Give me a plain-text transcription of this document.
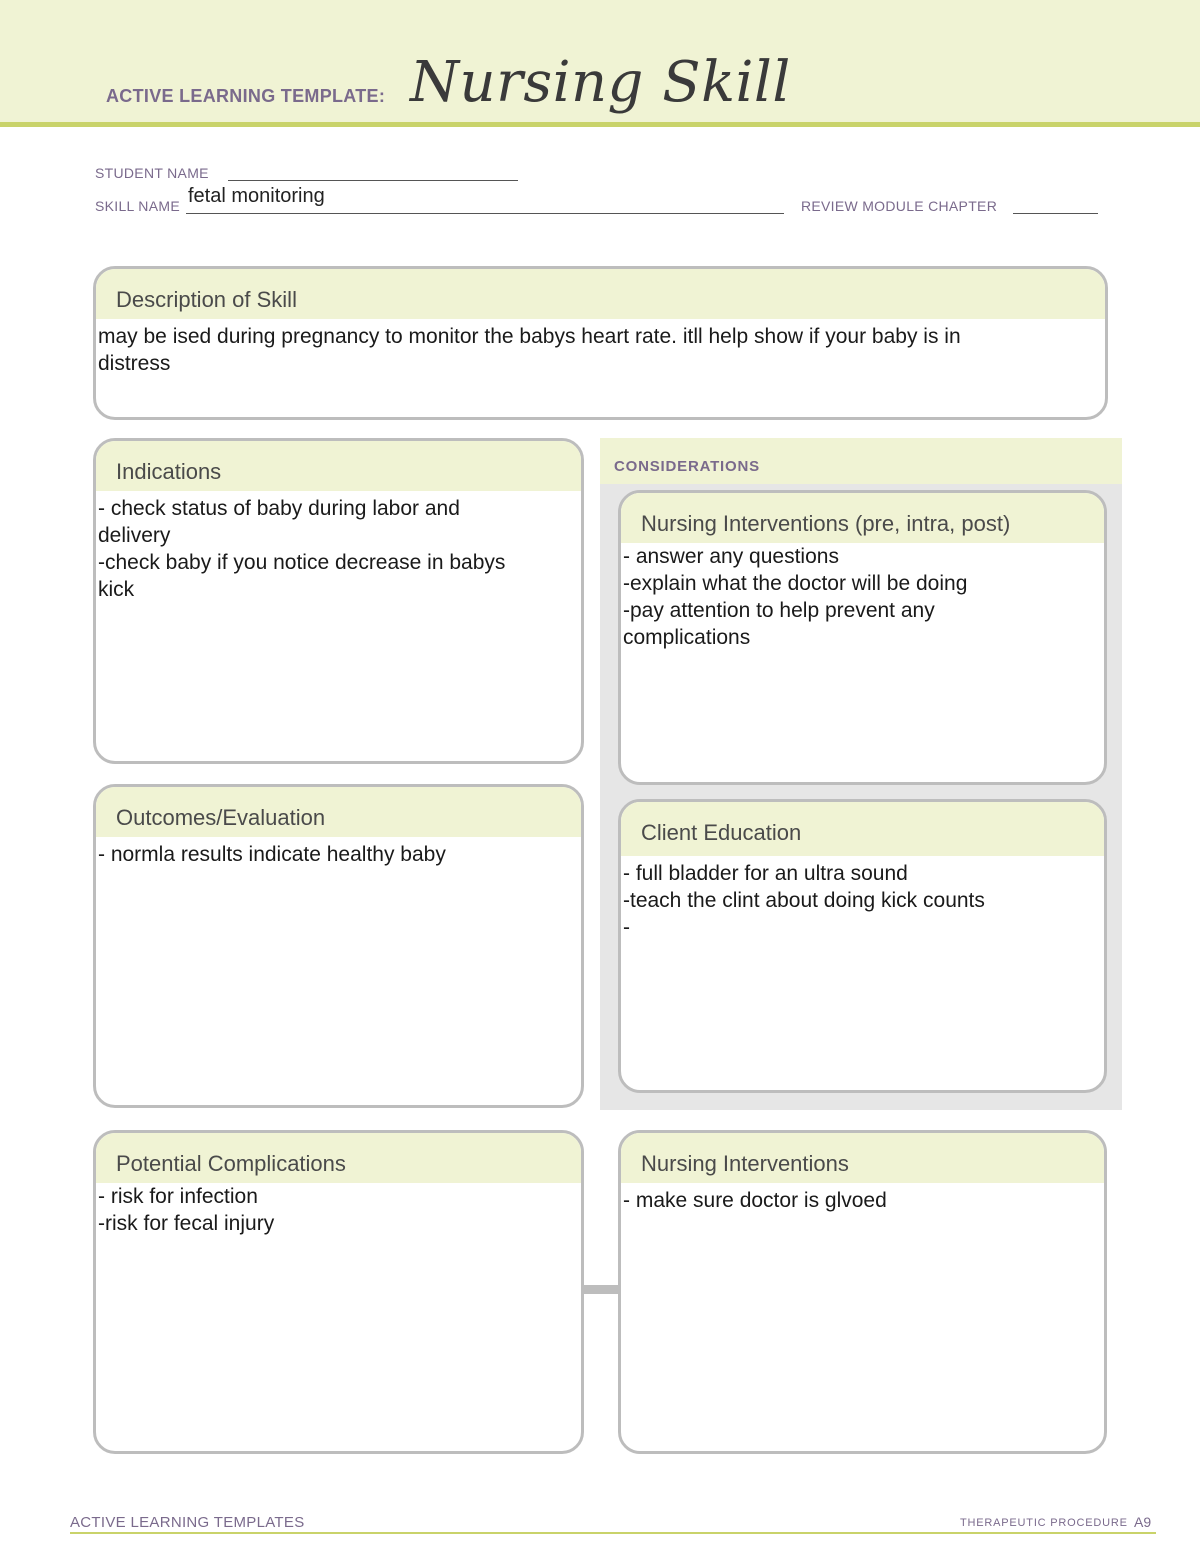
ACTIVE LEARNING TEMPLATE: Nursing Skill
STUDENT NAME
SKILL NAME fetal monitoring	REVIEW MODULE CHAPTER
Description of Skill
may be ised during pregnancy to monitor the babys heart rate. itll help show if your baby is in
distress
Indications
- check status of baby during labor and
delivery
-check baby if you notice decrease in babys
kick
Outcomes/Evaluation
- normla results indicate healthy baby
CONSIDERATIONS
Nursing Interventions (pre, intra, post)
- answer any questions
-explain what the doctor will be doing
-pay attention to help prevent any
complications
Client Education
- full bladder for an ultra sound
-teach the clint about doing kick counts
-
Potential Complications
- risk for infection
-risk for fecal injury
Nursing Interventions
- make sure doctor is glvoed
ACTIVE LEARNING TEMPLATES	THERAPEUTIC PROCEDURE A9
